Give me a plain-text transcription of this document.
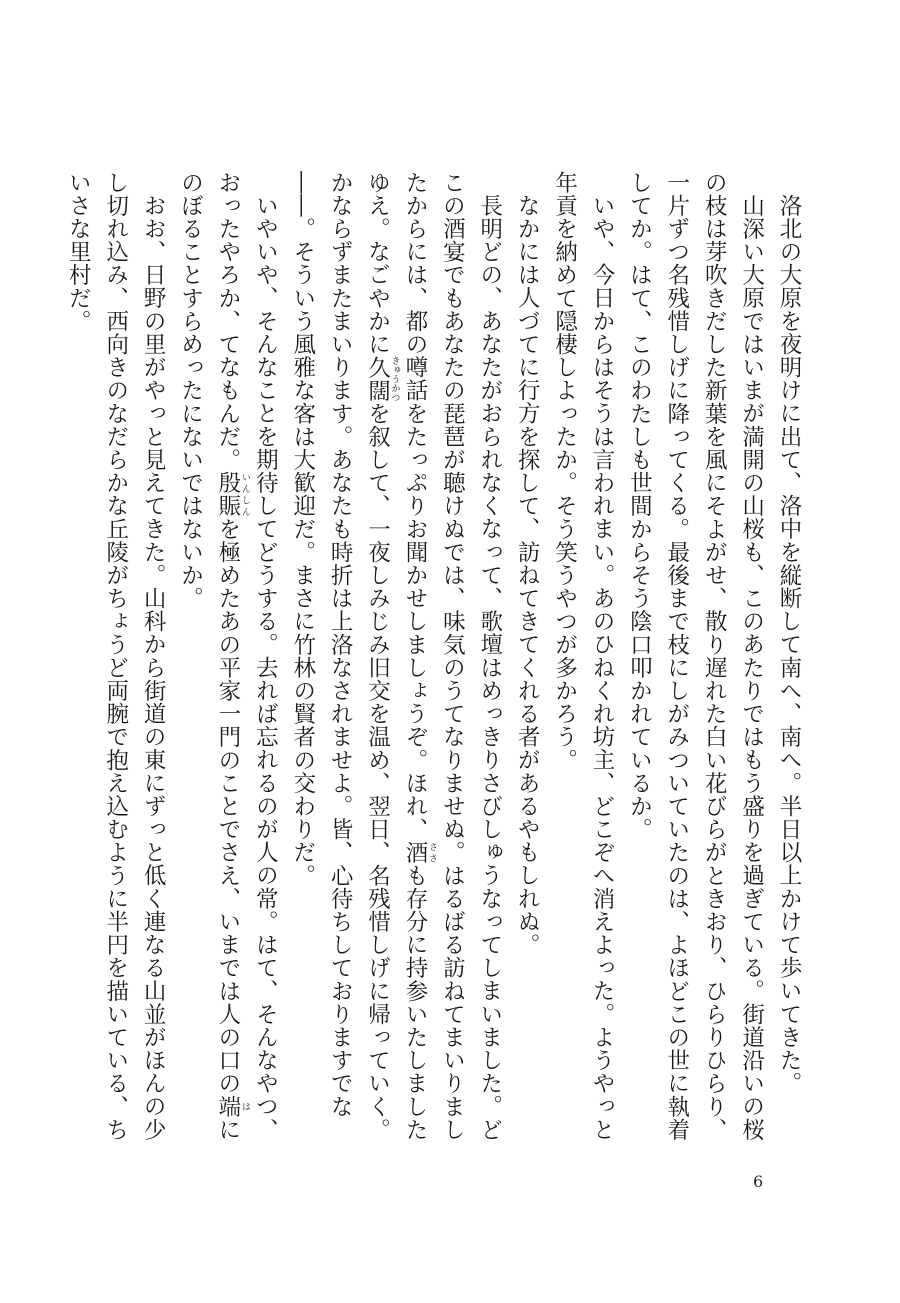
洛北の大原を夜明けに出て、洛中を縦断して南へ、南へ。半日以上かけて歩いてきた。

山深い大原ではいまが満開の山桜も、このあたりではもう盛りを過ぎている。街道沿いの桜の枝は芽吹きだした新葉を風にそよがせ、散り遅れた白い花びらがときおり、ひらりひらり、一片ずつ名残惜しげに降ってくる。最後まで枝にしがみついていたのは、よほどこの世に執着してか。はて、このわたしも世間からそう陰口叩かれているか。

いや、今日からはそうは言われまい。あのひねくれ坊主、どこぞへ消えよった。ようやっと年貢を納めて隠棲しよったか。そう笑うやつが多かろう。

なかには人づてに行方を探して、訪ねてきてくれる者があるやもしれぬ。

長明どの、あなたがおられなくなって、歌壇はめっきりさびしゅうなってしまいました。どこの酒宴でもあなたの琵琶が聴けぬでは、味気のうてなりませぬ。はるばる訪ねてまいりましたからには、都の噂話をたっぷりお聞かせしましょうぞ。ほれ、酒 ささも存分に持参いたしましたゆえ。なごやかに久闊 きゅうかつを叙して、一夜しみじみ旧交を温め、翌日、名残惜しげに帰っていく。かならずまたまいります。あなたも時折は上洛なされませよ。皆、心待ちしておりますでな――。そういう風雅な客は大歓迎だ。まさに竹林の賢者の交わりだ。

いやいや、そんなことを期待してどうする。去れば忘れるのが人の常。はて、そんなやつ、おったやろか、てなもんだ。殷賑 いんしんを極めたあの平家一門のことでさえ、いまでは人の口の端 はにのぼることすらめったにないではないか。

おお、日野の里がやっと見えてきた。山科から街道の東にずっと低く連なる山並がほんの少し切れ込み、西向きのなだらかな丘陵がちょうど両腕で抱え込むように半円を描いている、ちいさな里村だ。

6
